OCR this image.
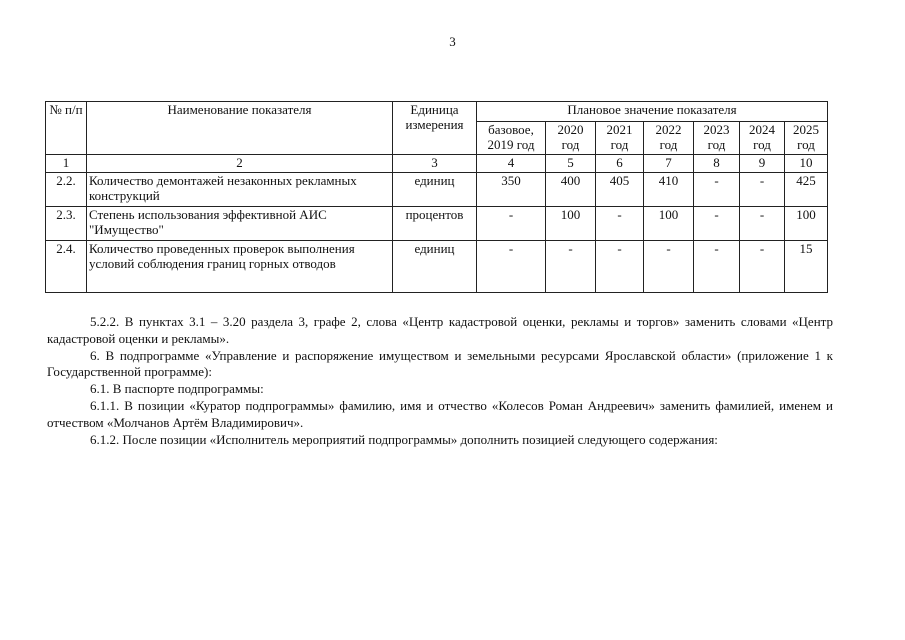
3
№ п/п	Наименование показателя	Единица измерения	Плановое значение показателя						
			базовое, 2019 год	2020 год	2021 год	2022 год	2023 год	2024 год	2025 год
1	2	3	4	5	6	7	8	9	10
2.2.	Количество демонтажей незаконных рекламных конструкций	единиц	350	400	405	410	-	-	425
2.3.	Степень использования эффективной АИС "Имущество"	процентов	-	100	-	100	-	-	100
2.4.	Количество проведенных проверок выполнения условий соблюдения границ горных отводов	единиц	-	-	-	-	-	-	15

5.2.2. В пунктах 3.1 – 3.20 раздела 3, графе 2, слова «Центр кадастровой оценки, рекламы и торгов» заменить словами «Центр кадастровой оценки и рекламы».

6. В подпрограмме «Управление и распоряжение имуществом и земельными ресурсами Ярославской области» (приложение 1 к Государственной программе):

6.1. В паспорте подпрограммы:

6.1.1. В позиции «Куратор подпрограммы» фамилию, имя и отчество «Колесов Роман Андреевич» заменить фамилией, именем и отчеством «Молчанов Артём Владимирович».

6.1.2. После позиции «Исполнитель мероприятий подпрограммы» дополнить позицией следующего содержания:
